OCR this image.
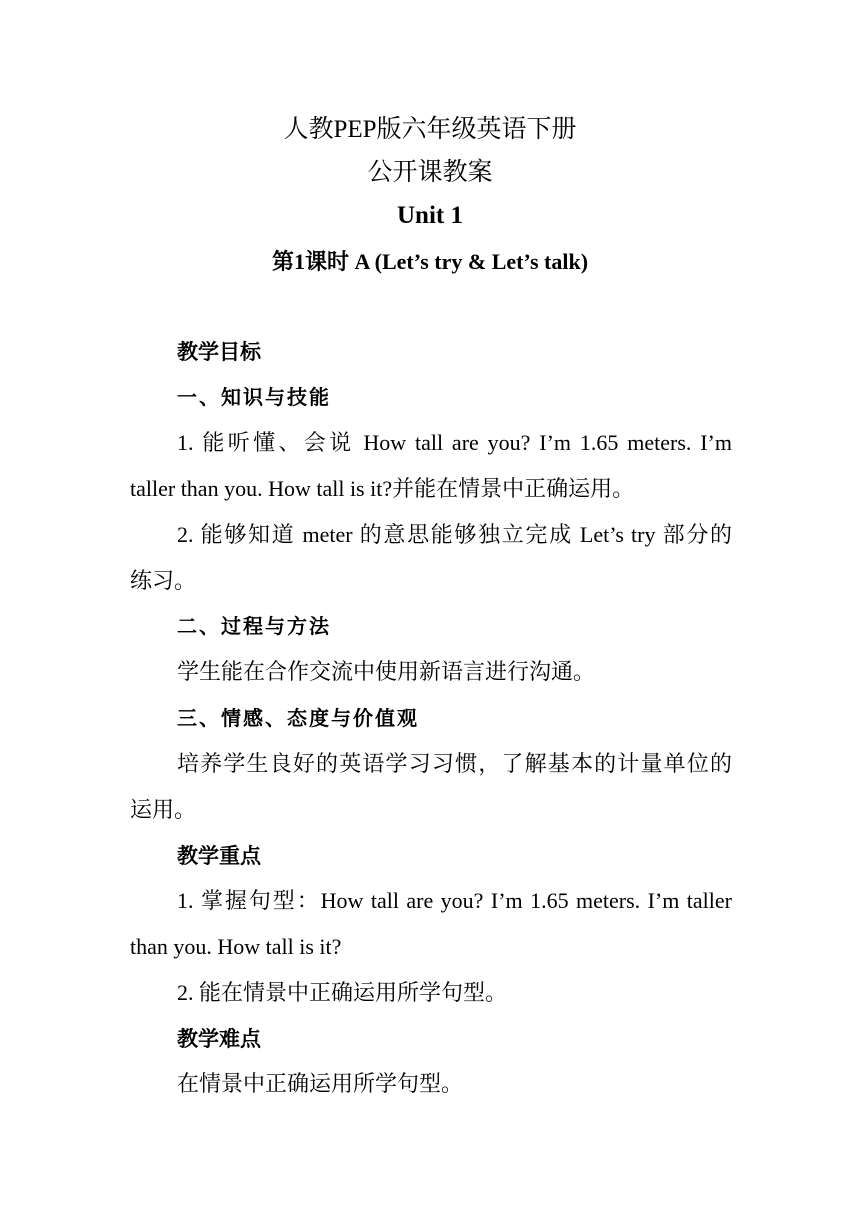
人教PEP版六年级英语下册
公开课教案
Unit 1
第1课时 A (Let’s try & Let’s talk)
教学目标
一、知识与技能
1. 能听懂、会说 How tall are you? I’m 1.65 meters. I’m
taller than you. How tall is it?并能在情景中正确运用。
2. 能够知道 meter 的意思能够独立完成 Let’s try 部分的
练习。
二、过程与方法
学生能在合作交流中使用新语言进行沟通。
三、情感、态度与价值观
培养学生良好的英语学习习惯，了解基本的计量单位的
运用。
教学重点
1. 掌握句型：How tall are you? I’m 1.65 meters. I’m taller
than you. How tall is it?
2. 能在情景中正确运用所学句型。
教学难点
在情景中正确运用所学句型。
